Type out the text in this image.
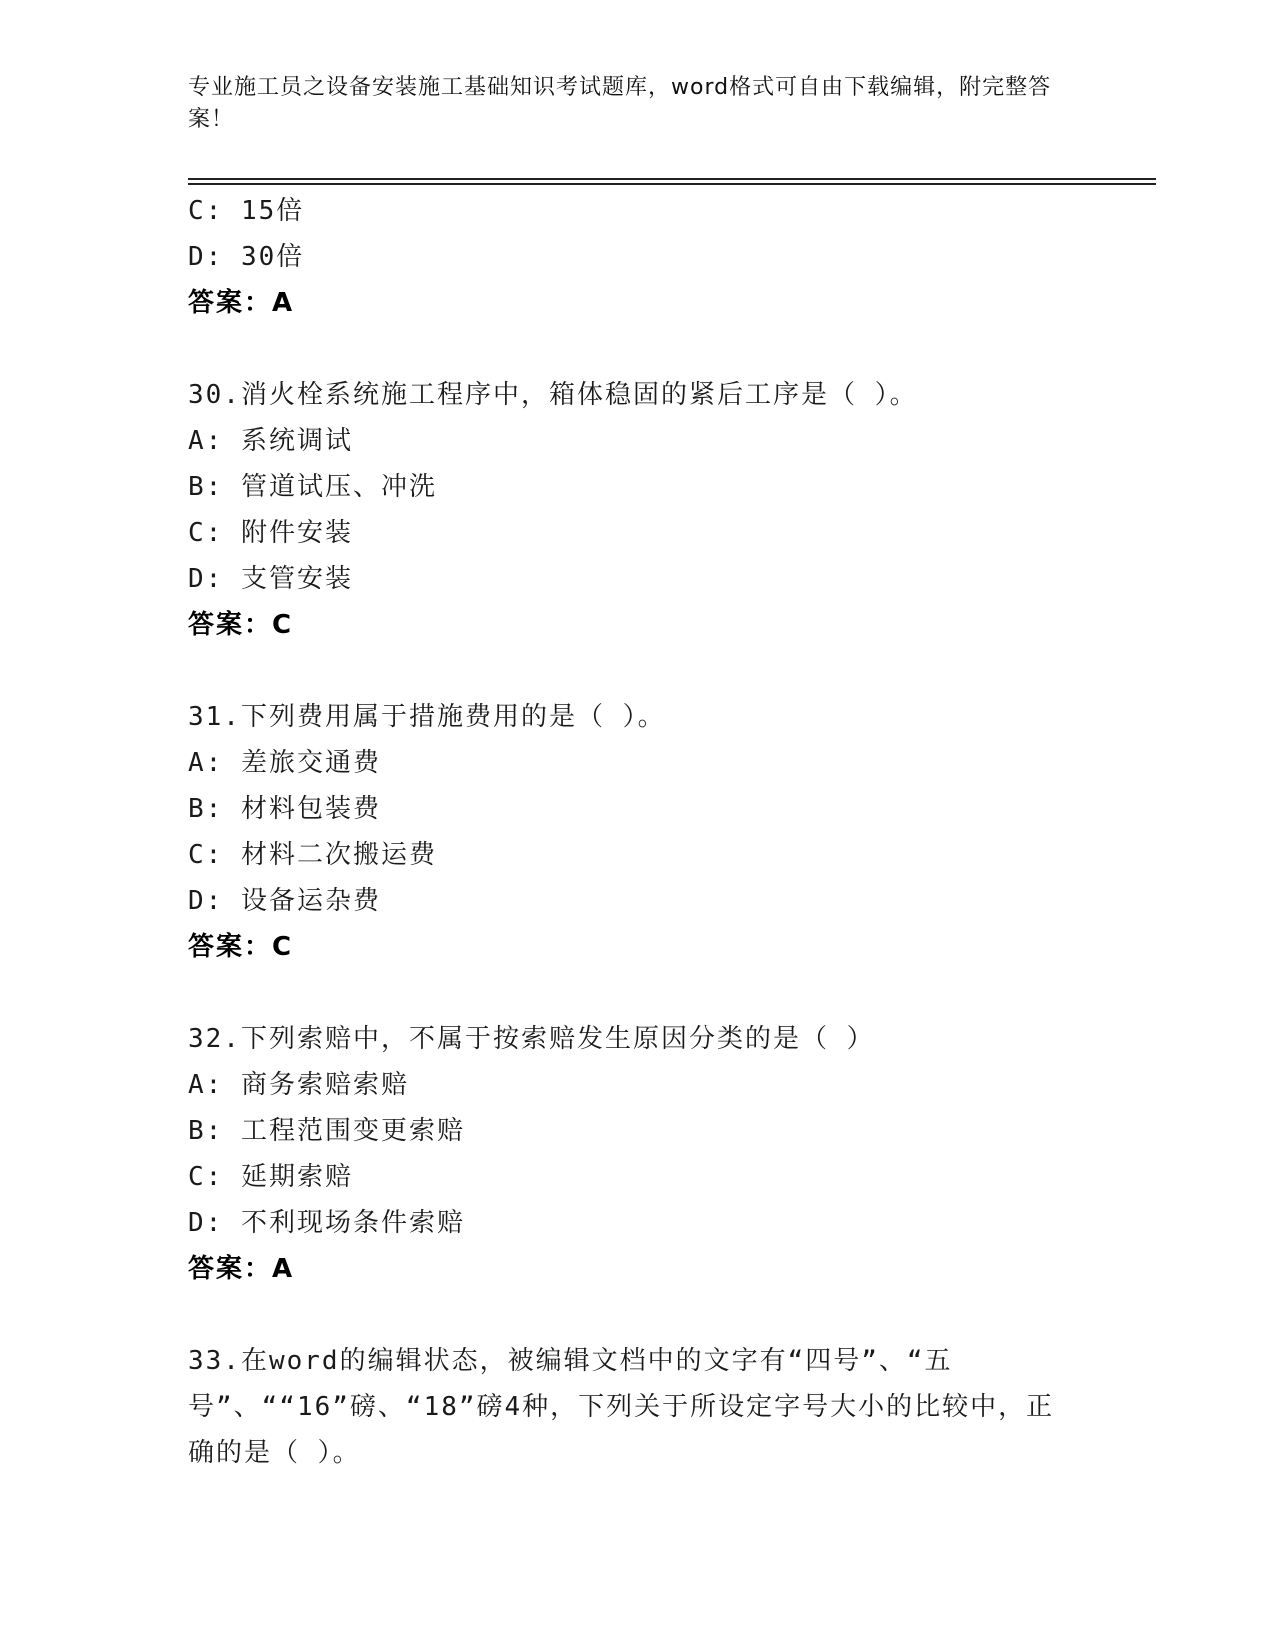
专业施工员之设备安装施工基础知识考试题库，word格式可自由下载编辑，附完整答案！
C: 15倍
D: 30倍
答案：A
30.消火栓系统施工程序中，箱体稳固的紧后工序是（ ）。
A: 系统调试
B: 管道试压、冲洗
C: 附件安装
D: 支管安装
答案：C
31.下列费用属于措施费用的是（ ）。
A: 差旅交通费
B: 材料包装费
C: 材料二次搬运费
D: 设备运杂费
答案：C
32.下列索赔中，不属于按索赔发生原因分类的是（ ）
A: 商务索赔索赔
B: 工程范围变更索赔
C: 延期索赔
D: 不利现场条件索赔
答案：A
33.在word的编辑状态，被编辑文档中的文字有“四号”、“五号”、““16”磅、“18”磅4种，下列关于所设定字号大小的比较中，正确的是（ ）。
